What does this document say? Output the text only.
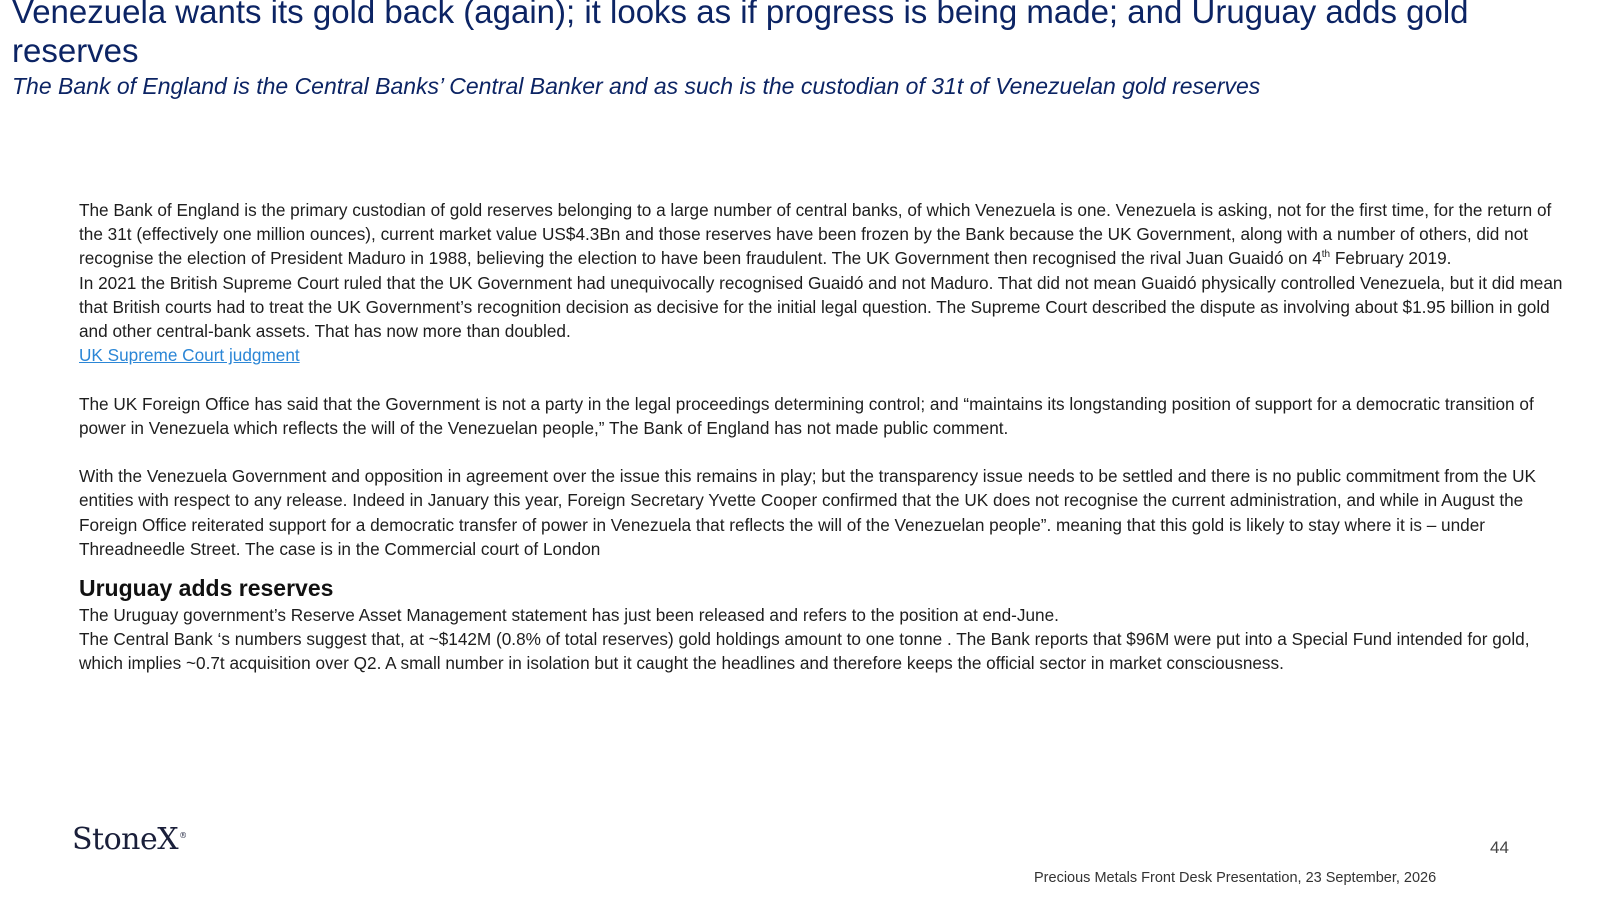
Venezuela wants its gold back (again); it looks as if progress is being made; and Uruguay adds gold reserves
The Bank of England is the Central Banks’ Central Banker and as such is the custodian of 31t of Venezuelan gold reserves

The Bank of England is the primary custodian of gold reserves belonging to a large number of central banks, of which Venezuela is one. Venezuela is asking, not for the first time, for the return of the 31t (effectively one million ounces), current market value US$4.3Bn and those reserves have been frozen by the Bank because the UK Government, along with a number of others, did not recognise the election of President Maduro in 1988, believing the election to have been fraudulent. The UK Government then recognised the rival Juan Guaidó on 4th February 2019.

In 2021 the British Supreme Court ruled that the UK Government had unequivocally recognised Guaidó and not Maduro. That did not mean Guaidó physically controlled Venezuela, but it did mean that British courts had to treat the UK Government’s recognition decision as decisive for the initial legal question. The Supreme Court described the dispute as involving about $1.95 billion in gold and other central-bank assets. That has now more than doubled.

UK Supreme Court judgment

The UK Foreign Office has said that the Government is not a party in the legal proceedings determining control; and “maintains its longstanding position of support for a democratic transition of power in Venezuela which reflects the will of the Venezuelan people,” The Bank of England has not made public comment.

With the Venezuela Government and opposition in agreement over the issue this remains in play; but the transparency issue needs to be settled and there is no public commitment from the UK entities with respect to any release. Indeed in January this year, Foreign Secretary Yvette Cooper confirmed that the UK does not recognise the current administration, and while in August the Foreign Office reiterated support for a democratic transfer of power in Venezuela that reflects the will of the Venezuelan people”. meaning that this gold is likely to stay where it is – under Threadneedle Street. The case is in the Commercial court of London

Uruguay adds reserves

The Uruguay government’s Reserve Asset Management statement has just been released and refers to the position at end-June.

The Central Bank ‘s numbers suggest that, at ~$142M (0.8% of total reserves) gold holdings amount to one tonne . The Bank reports that $96M were put into a Special Fund intended for gold, which implies ~0.7t acquisition over Q2. A small number in isolation but it caught the headlines and therefore keeps the official sector in market consciousness.

StoneX®
44
Precious Metals Front Desk Presentation, 23 September, 2026
